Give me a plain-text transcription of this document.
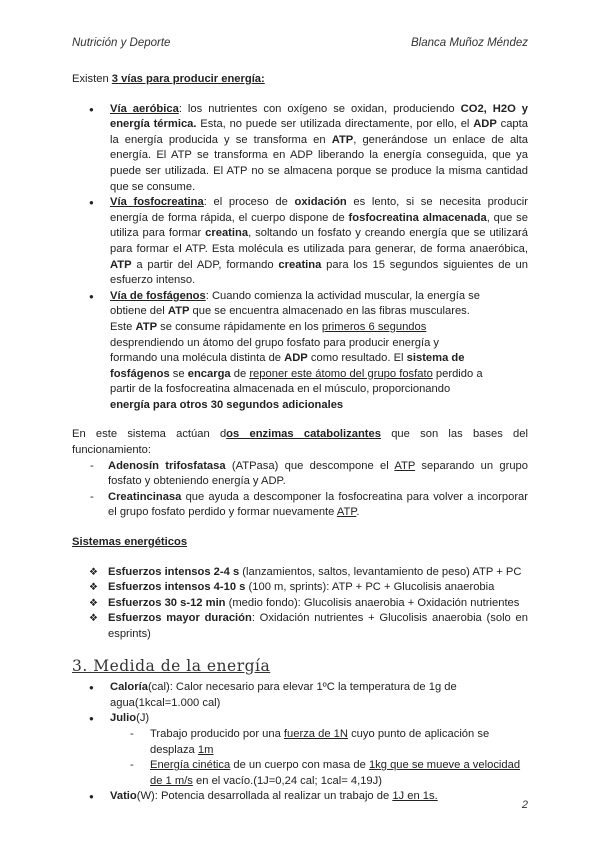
Nutrición y Deporte	Blanca Muñoz Méndez

Existen 3 vías para producir energía:

● Vía aeróbica: los nutrientes con oxígeno se oxidan, produciendo CO2, H2O y energía térmica. Esta, no puede ser utilizada directamente, por ello, el ADP capta la energía producida y se transforma en ATP, generándose un enlace de alta energía. El ATP se transforma en ADP liberando la energía conseguida, que ya puede ser utilizada. El ATP no se almacena porque se produce la misma cantidad que se consume.
● Vía fosfocreatina: el proceso de oxidación es lento, si se necesita producir energía de forma rápida, el cuerpo dispone de fosfocreatina almacenada, que se utiliza para formar creatina, soltando un fosfato y creando energía que se utilizará para formar el ATP. Esta molécula es utilizada para generar, de forma anaeróbica, ATP a partir del ADP, formando creatina para los 15 segundos siguientes de un esfuerzo intenso.
● Vía de fosfágenos: Cuando comienza la actividad muscular, la energía se obtiene del ATP que se encuentra almacenado en las fibras musculares. Este ATP se consume rápidamente en los primeros 6 segundos desprendiendo un átomo del grupo fosfato para producir energía y formando una molécula distinta de ADP como resultado. El sistema de fosfágenos se encarga de reponer este átomo del grupo fosfato perdido a partir de la fosfocreatina almacenada en el músculo, proporcionando energía para otros 30 segundos adicionales

En este sistema actúan dos enzimas catabolizantes que son las bases del funcionamiento:

- Adenosín trifosfatasa (ATPasa) que descompone el ATP separando un grupo fosfato y obteniendo energía y ADP.
- Creatincinasa que ayuda a descomponer la fosfocreatina para volver a incorporar el grupo fosfato perdido y formar nuevamente ATP.

Sistemas energéticos

❖ Esfuerzos intensos 2-4 s (lanzamientos, saltos, levantamiento de peso) ATP + PC
❖ Esfuerzos intensos 4-10 s (100 m, sprints): ATP + PC + Glucolisis anaerobia
❖ Esfuerzos 30 s-12 min (medio fondo): Glucolisis anaerobia + Oxidación nutrientes
❖ Esfuerzos mayor duración: Oxidación nutrientes + Glucolisis anaerobia (solo en esprints)
3. Medida de la energía
● Caloría(cal): Calor necesario para elevar 1ºC la temperatura de 1g de agua(1kcal=1.000 cal)
● Julio(J)
- Trabajo producido por una fuerza de 1N cuyo punto de aplicación se desplaza 1m
- Energía cinética de un cuerpo con masa de 1kg que se mueve a velocidad de 1 m/s en el vacío.(1J=0,24 cal; 1cal= 4,19J)
● Vatio(W): Potencia desarrollada al realizar un trabajo de 1J en 1s.
2
